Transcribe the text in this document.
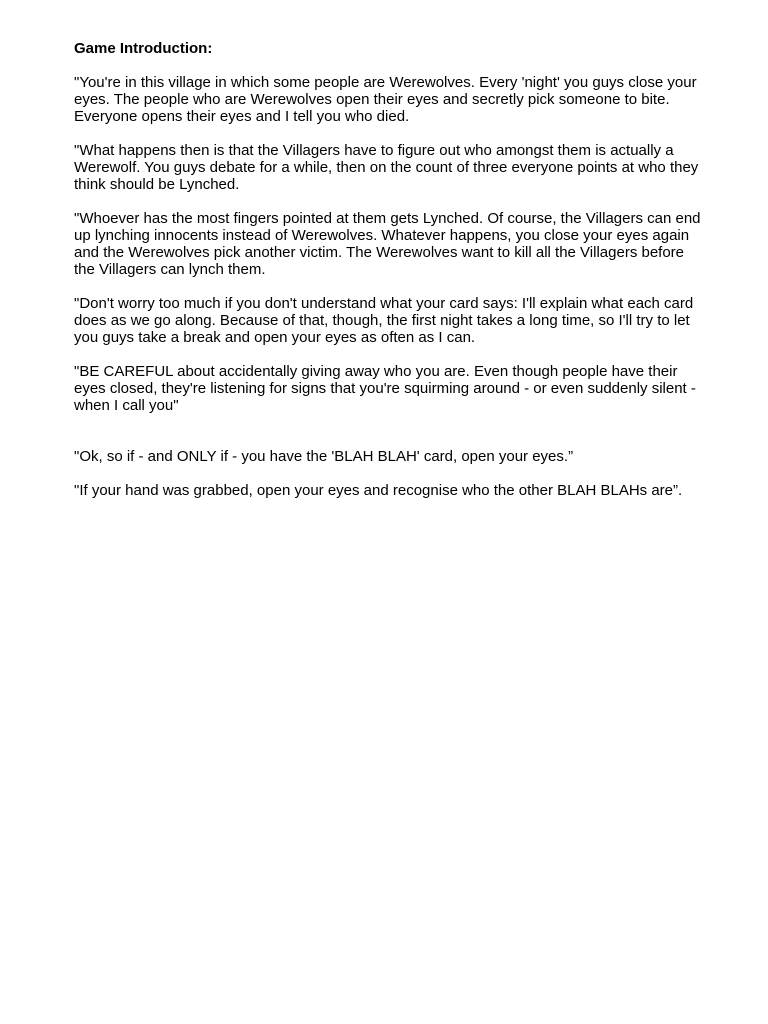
Game Introduction:
"You're in this village in which some people are Werewolves. Every 'night' you guys close your eyes. The people who are Werewolves open their eyes and secretly pick someone to bite. Everyone opens their eyes and I tell you who died.
"What happens then is that the Villagers have to figure out who amongst them is actually a Werewolf. You guys debate for a while, then on the count of three everyone points at who they think should be Lynched.
"Whoever has the most fingers pointed at them gets Lynched. Of course, the Villagers can end up lynching innocents instead of Werewolves. Whatever happens, you close your eyes again and the Werewolves pick another victim. The Werewolves want to kill all the Villagers before the Villagers can lynch them.
"Don't worry too much if you don't understand what your card says: I'll explain what each card does as we go along. Because of that, though, the first night takes a long time, so I'll try to let you guys take a break and open your eyes as often as I can.
"BE CAREFUL about accidentally giving away who you are. Even though people have their eyes closed, they're listening for signs that you're squirming around - or even suddenly silent - when I call you"
"Ok, so if - and ONLY if - you have the 'BLAH BLAH' card, open your eyes.”
"If your hand was grabbed, open your eyes and recognise who the other BLAH BLAHs are”.
